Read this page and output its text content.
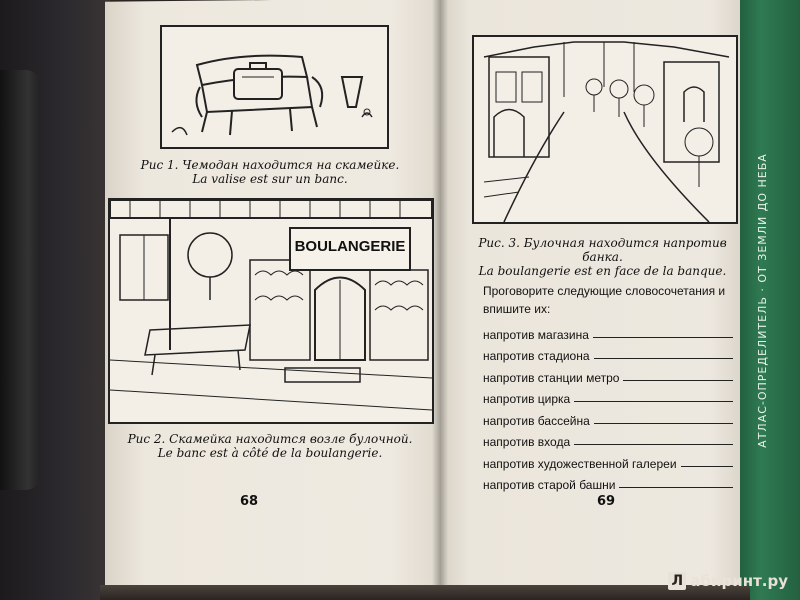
АТЛАС-ОПРЕДЕЛИТЕЛЬ · ОТ ЗЕМЛИ ДО НЕБА
Рис 1. Чемодан находится на скамейке.
La valise est sur un banc.
BOULANGERIE
Рис 2. Скамейка находится возле булочной.
Le banc est à côté de la boulangerie.
68
Рис. 3. Булочная находится напротив банка.
La boulangerie est en face de la banque.
Проговорите следующие словосочетания и впишите их:
напротив магазина
напротив стадиона
напротив станции метро
напротив цирка
напротив бассейна
напротив входа
напротив художественной галереи
напротив старой башни
69
Л абиринт.ру
